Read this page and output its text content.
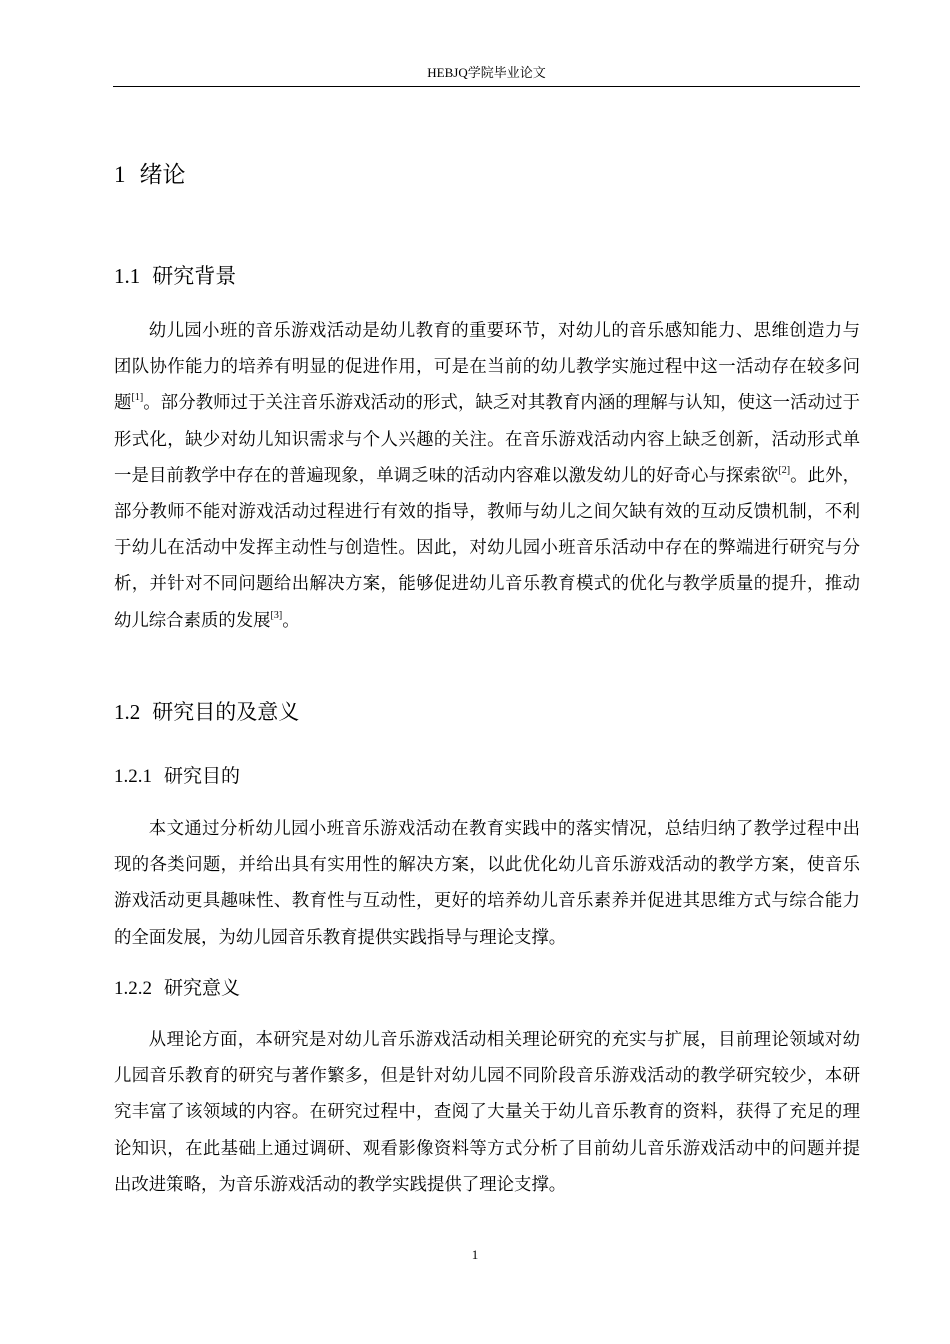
HEBJQ学院毕业论文
1 绪论
1.1 研究背景
幼儿园小班的音乐游戏活动是幼儿教育的重要环节，对幼儿的音乐感知能力、思维创造力与团队协作能力的培养有明显的促进作用，可是在当前的幼儿教学实施过程中这一活动存在较多问题[1]。部分教师过于关注音乐游戏活动的形式，缺乏对其教育内涵的理解与认知，使这一活动过于形式化，缺少对幼儿知识需求与个人兴趣的关注。在音乐游戏活动内容上缺乏创新，活动形式单一是目前教学中存在的普遍现象，单调乏味的活动内容难以激发幼儿的好奇心与探索欲[2]。此外，部分教师不能对游戏活动过程进行有效的指导，教师与幼儿之间欠缺有效的互动反馈机制，不利于幼儿在活动中发挥主动性与创造性。因此，对幼儿园小班音乐活动中存在的弊端进行研究与分析，并针对不同问题给出解决方案，能够促进幼儿音乐教育模式的优化与教学质量的提升，推动幼儿综合素质的发展[3]。
1.2 研究目的及意义
1.2.1 研究目的
本文通过分析幼儿园小班音乐游戏活动在教育实践中的落实情况，总结归纳了教学过程中出现的各类问题，并给出具有实用性的解决方案，以此优化幼儿音乐游戏活动的教学方案，使音乐游戏活动更具趣味性、教育性与互动性，更好的培养幼儿音乐素养并促进其思维方式与综合能力的全面发展，为幼儿园音乐教育提供实践指导与理论支撑。
1.2.2 研究意义
从理论方面，本研究是对幼儿音乐游戏活动相关理论研究的充实与扩展，目前理论领域对幼儿园音乐教育的研究与著作繁多，但是针对幼儿园不同阶段音乐游戏活动的教学研究较少，本研究丰富了该领域的内容。在研究过程中，查阅了大量关于幼儿音乐教育的资料，获得了充足的理论知识，在此基础上通过调研、观看影像资料等方式分析了目前幼儿音乐游戏活动中的问题并提出改进策略，为音乐游戏活动的教学实践提供了理论支撑。
1
